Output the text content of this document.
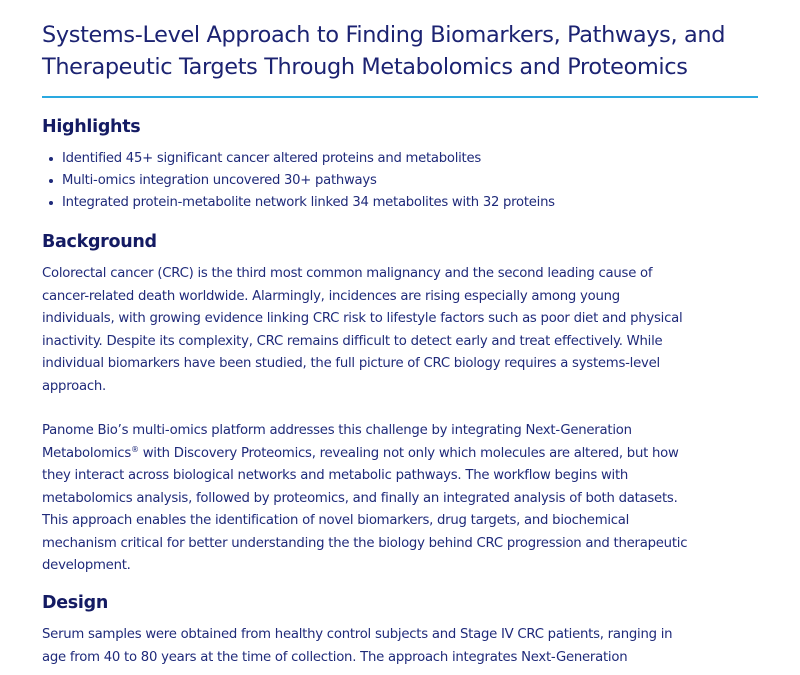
Systems-Level Approach to Finding Biomarkers, Pathways, and
Therapeutic Targets Through Metabolomics and Proteomics
Highlights
Identified 45+ significant cancer altered proteins and metabolites
Multi-omics integration uncovered 30+ pathways
Integrated protein-metabolite network linked 34 metabolites with 32 proteins
Background

Colorectal cancer (CRC) is the third most common malignancy and the second leading cause of
cancer-related death worldwide. Alarmingly, incidences are rising especially among young
individuals, with growing evidence linking CRC risk to lifestyle factors such as poor diet and physical
inactivity. Despite its complexity, CRC remains difficult to detect early and treat effectively. While
individual biomarkers have been studied, the full picture of CRC biology requires a systems-level
approach.

Panome Bio’s multi-omics platform addresses this challenge by integrating Next-Generation
Metabolomics® with Discovery Proteomics, revealing not only which molecules are altered, but how
they interact across biological networks and metabolic pathways. The workflow begins with
metabolomics analysis, followed by proteomics, and finally an integrated analysis of both datasets.
This approach enables the identification of novel biomarkers, drug targets, and biochemical
mechanism critical for better understanding the the biology behind CRC progression and therapeutic
development.

Design

Serum samples were obtained from healthy control subjects and Stage IV CRC patients, ranging in
age from 40 to 80 years at the time of collection. The approach integrates Next-Generation
